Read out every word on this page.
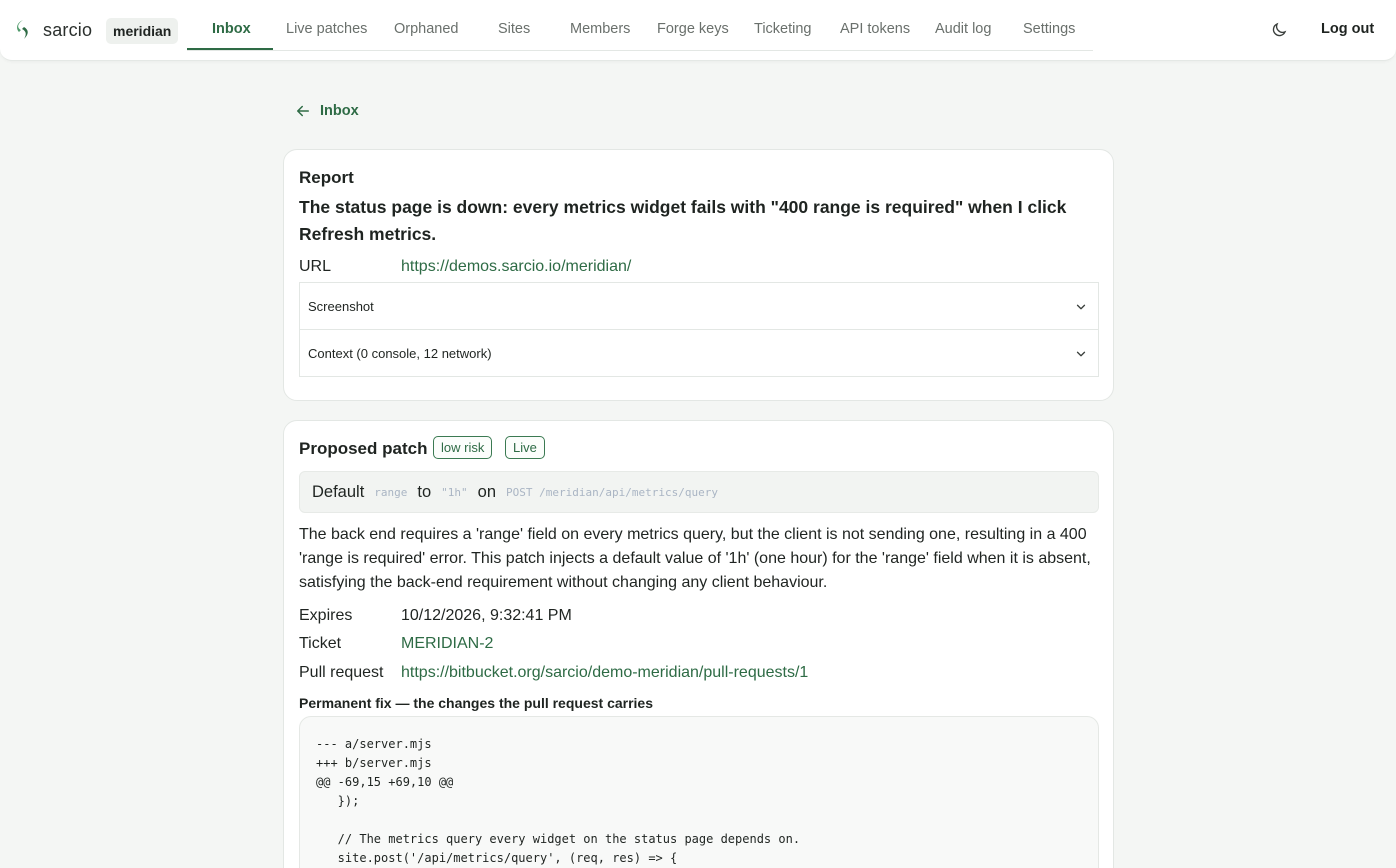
sarcio	meridian	Inbox Live patches Orphaned	Sites	Members Forge keys Ticketing API tokens Audit log Settings	Log out
Inbox
Report
The status page is down: every metrics widget fails with "400 range is required" when I click Refresh metrics.
URL	https://demos.sarcio.io/meridian/
Screenshot
Context (0 console, 12 network)
Proposed patch	low risk	Live
Default range to "1h" on POST /meridian/api/metrics/query
The back end requires a 'range' field on every metrics query, but the client is not sending one, resulting in a 400 'range is required' error. This patch injects a default value of '1h' (one hour) for the 'range' field when it is absent, satisfying the back-end requirement without changing any client behaviour.
Expires	10/12/2026, 9:32:41 PM
Ticket	MERIDIAN-2
Pull request https://bitbucket.org/sarcio/demo-meridian/pull-requests/1
Permanent fix — the changes the pull request carries
--- a/server.mjs
+++ b/server.mjs
@@ -69,15 +69,10 @@
});
// The metrics query every widget on the status page depends on.
site.post('/api/metrics/query', (req, res) => {
